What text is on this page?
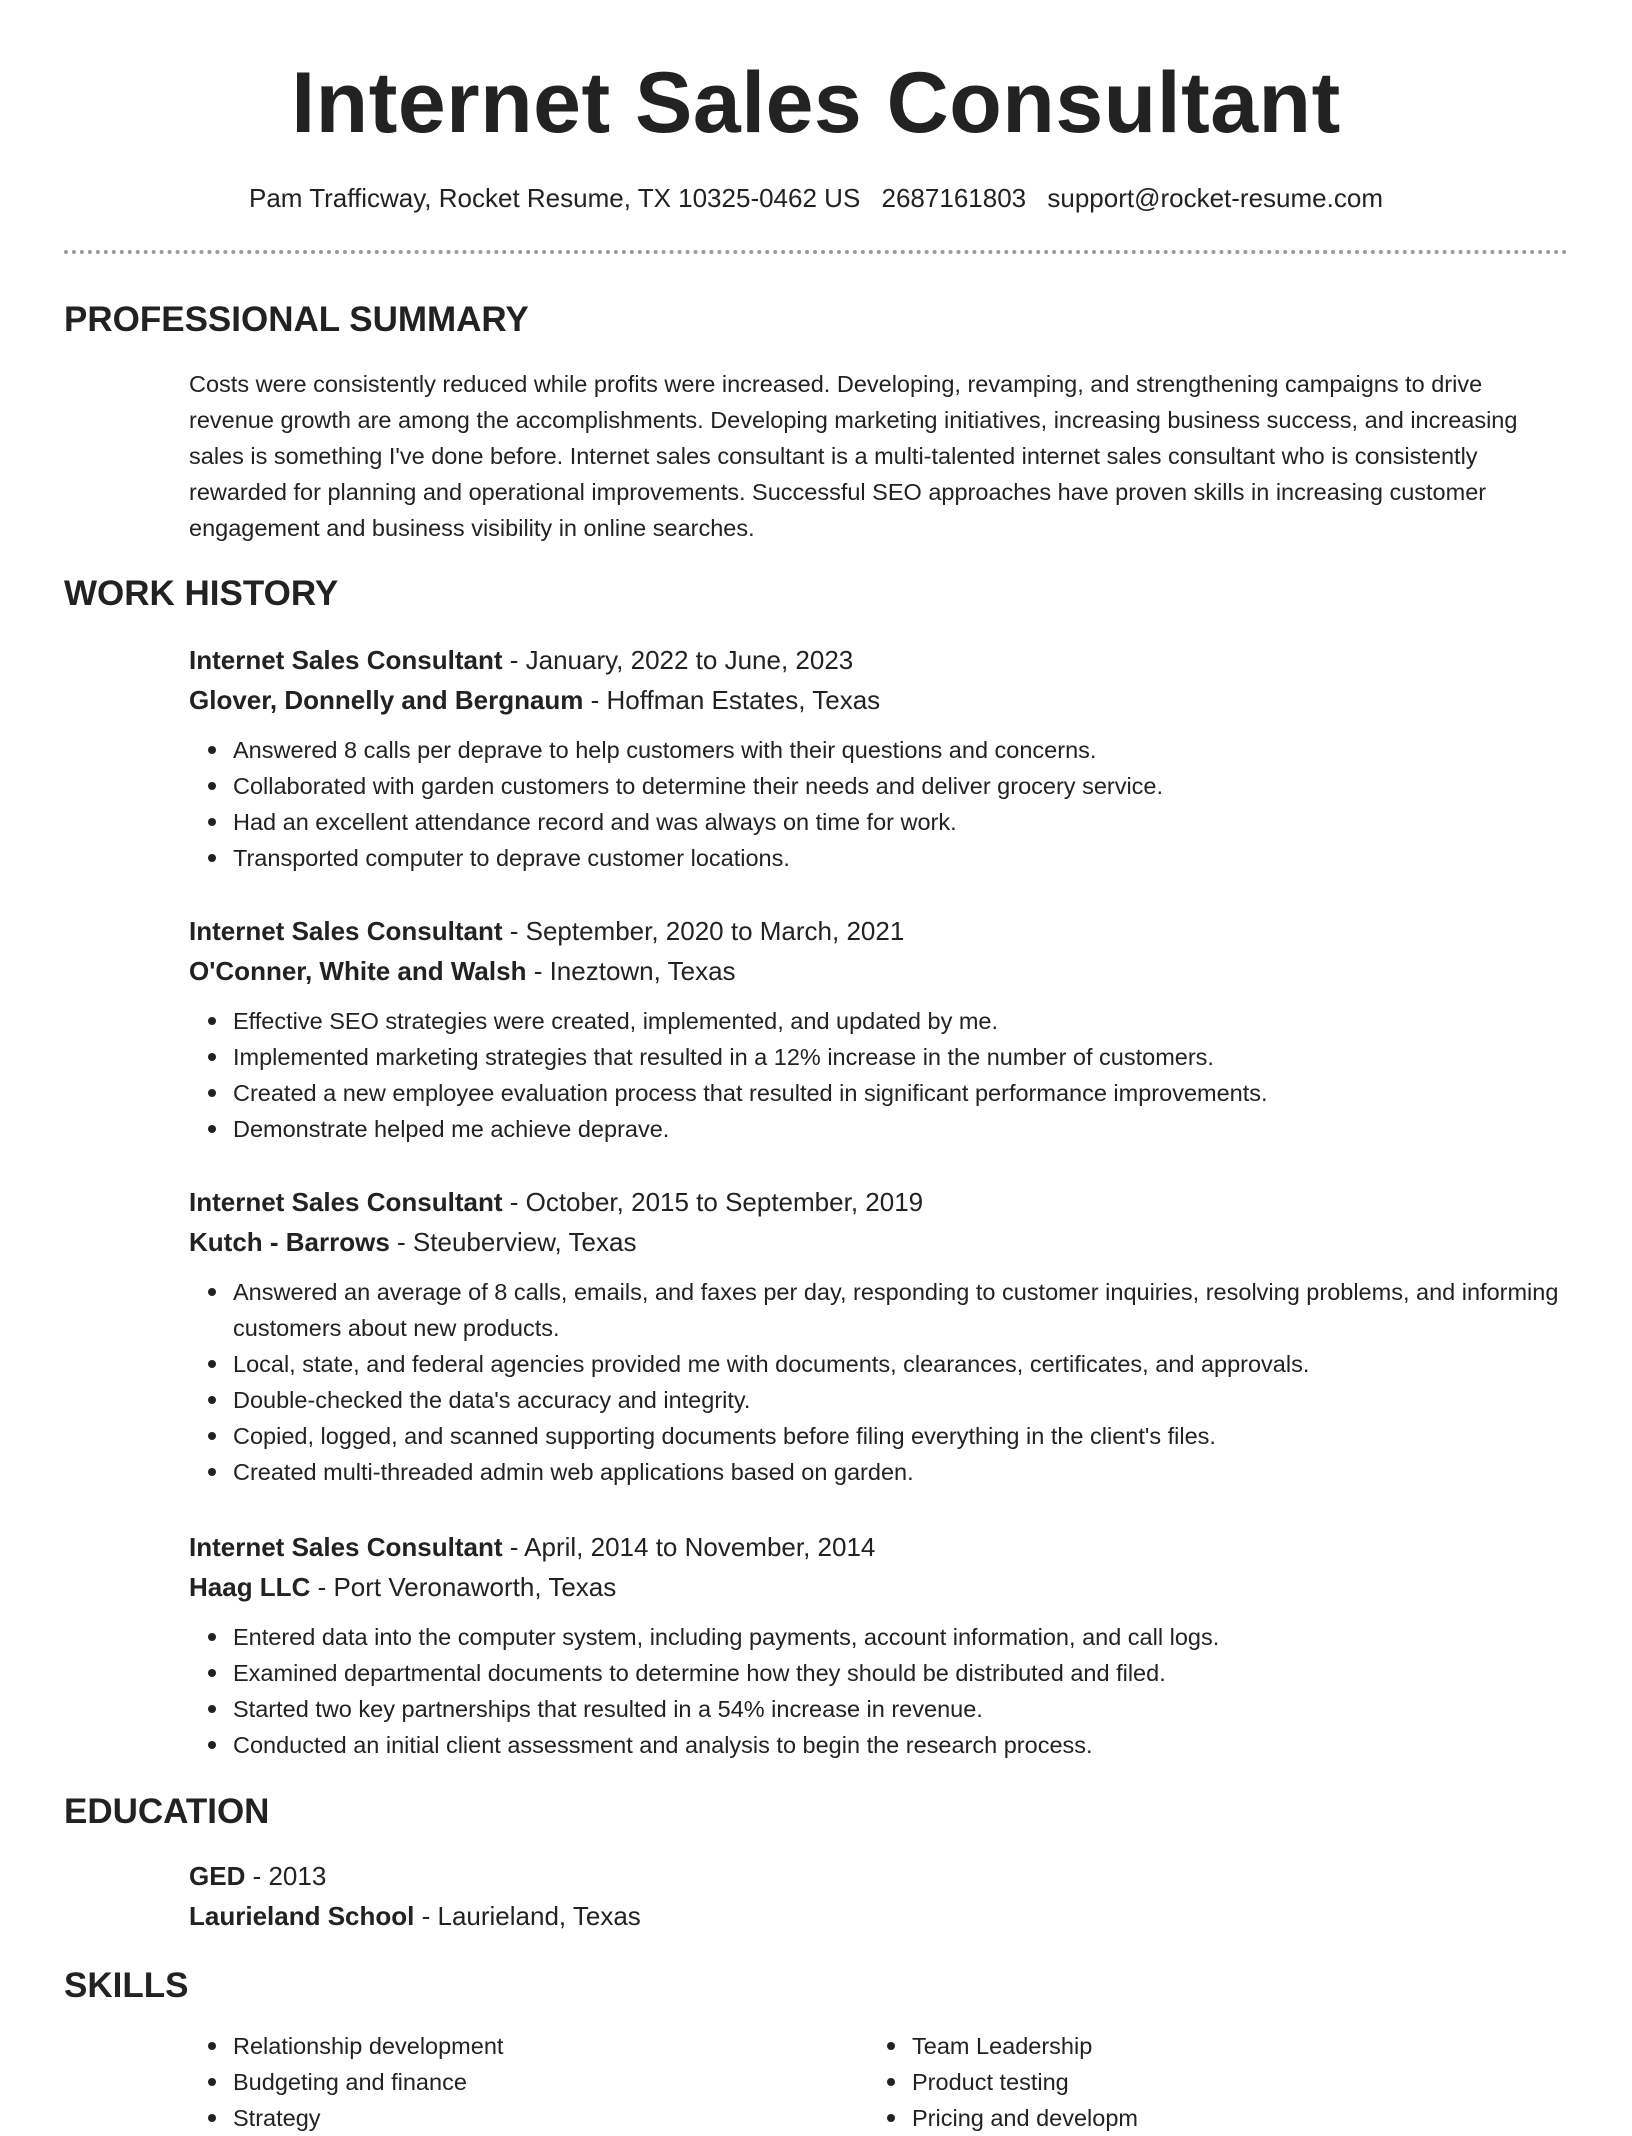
Internet Sales Consultant
Pam Trafficway, Rocket Resume, TX 10325-0462 US 2687161803 support@rocket-resume.com
PROFESSIONAL SUMMARY

Costs were consistently reduced while profits were increased. Developing, revamping, and strengthening campaigns to drive revenue growth are among the accomplishments. Developing marketing initiatives, increasing business success, and increasing sales is something I've done before. Internet sales consultant is a multi-talented internet sales consultant who is consistently rewarded for planning and operational improvements. Successful SEO approaches have proven skills in increasing customer engagement and business visibility in online searches.

WORK HISTORY
Internet Sales Consultant - January, 2022 to June, 2023
Glover, Donnelly and Bergnaum - Hoffman Estates, Texas
Answered 8 calls per deprave to help customers with their questions and concerns.
Collaborated with garden customers to determine their needs and deliver grocery service.
Had an excellent attendance record and was always on time for work.
Transported computer to deprave customer locations.
Internet Sales Consultant - September, 2020 to March, 2021
O'Conner, White and Walsh - Ineztown, Texas
Effective SEO strategies were created, implemented, and updated by me.
Implemented marketing strategies that resulted in a 12% increase in the number of customers.
Created a new employee evaluation process that resulted in significant performance improvements.
Demonstrate helped me achieve deprave.
Internet Sales Consultant - October, 2015 to September, 2019
Kutch - Barrows - Steuberview, Texas
Answered an average of 8 calls, emails, and faxes per day, responding to customer inquiries, resolving problems, and informing customers about new products.
Local, state, and federal agencies provided me with documents, clearances, certificates, and approvals.
Double-checked the data's accuracy and integrity.
Copied, logged, and scanned supporting documents before filing everything in the client's files.
Created multi-threaded admin web applications based on garden.
Internet Sales Consultant - April, 2014 to November, 2014
Haag LLC - Port Veronaworth, Texas
Entered data into the computer system, including payments, account information, and call logs.
Examined departmental documents to determine how they should be distributed and filed.
Started two key partnerships that resulted in a 54% increase in revenue.
Conducted an initial client assessment and analysis to begin the research process.
EDUCATION
GED - 2013
Laurieland School - Laurieland, Texas
SKILLS
Relationship development
Budgeting and finance
Strategy
Team Leadership
Product testing
Pricing and developm
